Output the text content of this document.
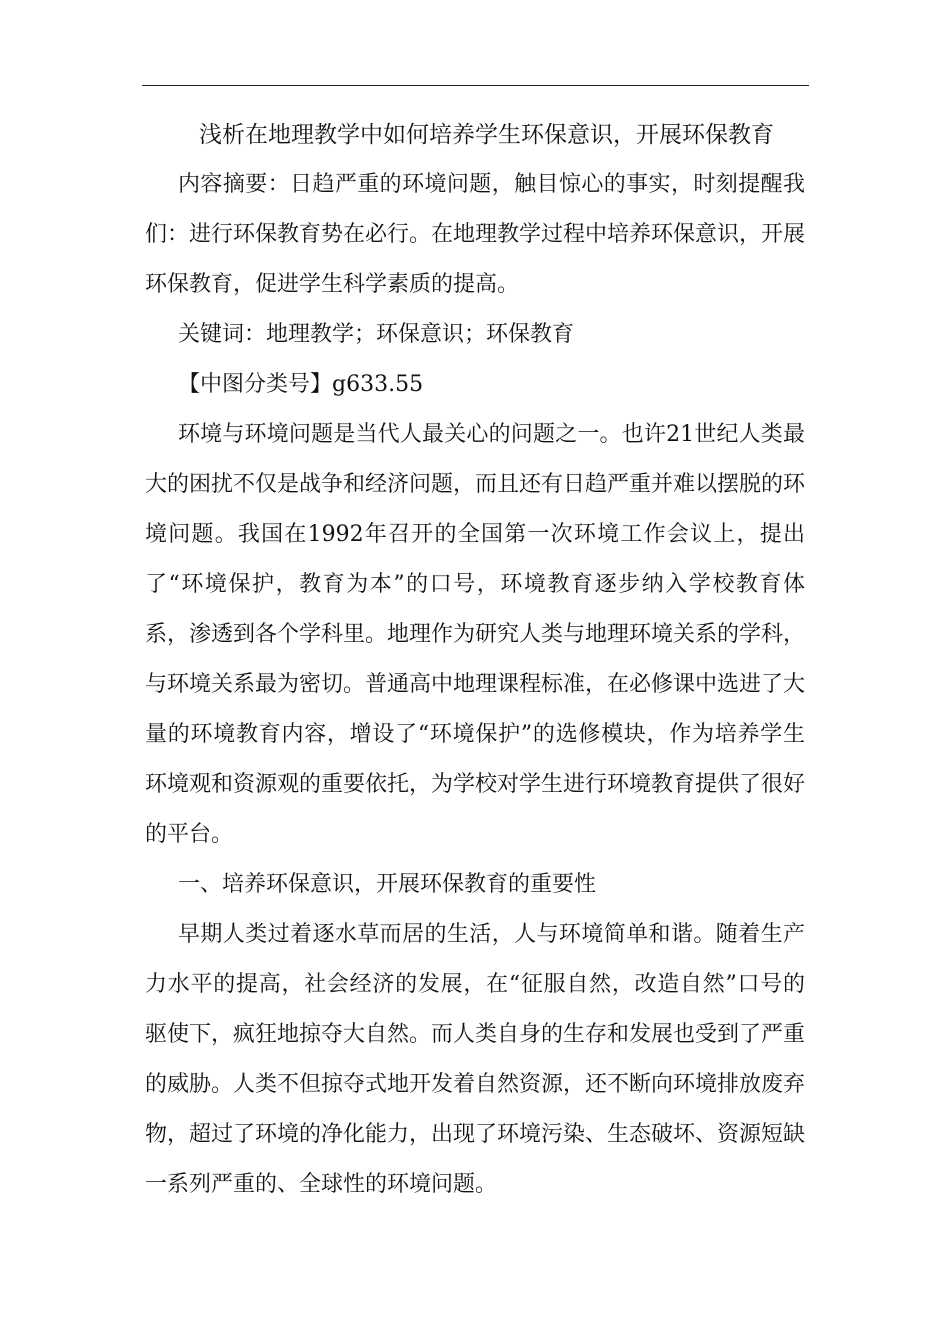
浅析在地理教学中如何培养学生环保意识，开展环保教育

内容摘要：日趋严重的环境问题，触目惊心的事实，时刻提醒我们：进行环保教育势在必行。在地理教学过程中培养环保意识，开展环保教育，促进学生科学素质的提高。

关键词：地理教学；环保意识；环保教育

【中图分类号】g633.55

环境与环境问题是当代人最关心的问题之一。也许21世纪人类最大的困扰不仅是战争和经济问题，而且还有日趋严重并难以摆脱的环境问题。我国在1992年召开的全国第一次环境工作会议上，提出了“环境保护，教育为本”的口号，环境教育逐步纳入学校教育体系，渗透到各个学科里。地理作为研究人类与地理环境关系的学科，与环境关系最为密切。普通高中地理课程标准，在必修课中选进了大量的环境教育内容，增设了“环境保护”的选修模块，作为培养学生环境观和资源观的重要依托，为学校对学生进行环境教育提供了很好的平台。

一、培养环保意识，开展环保教育的重要性

早期人类过着逐水草而居的生活，人与环境简单和谐。随着生产力水平的提高，社会经济的发展，在“征服自然，改造自然”口号的驱使下，疯狂地掠夺大自然。而人类自身的生存和发展也受到了严重的威胁。人类不但掠夺式地开发着自然资源，还不断向环境排放废弃物，超过了环境的净化能力，出现了环境污染、生态破坏、资源短缺一系列严重的、全球性的环境问题。
